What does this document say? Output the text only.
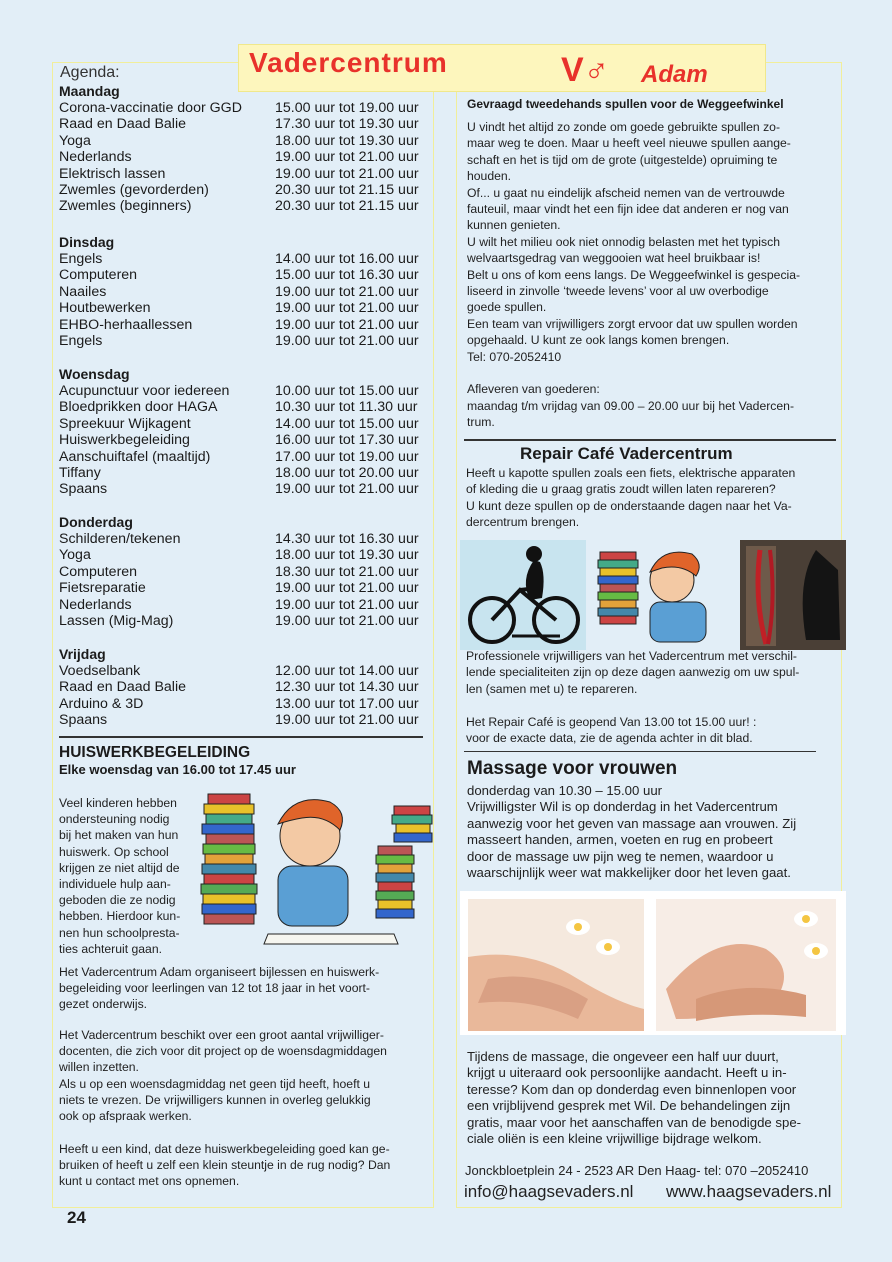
Vadercentrum	V♂ Adam
Agenda:
Maandag
Corona-vaccinatie door GGD 15.00 uur tot 19.00 uur
Raad en Daad Balie	17.30 uur tot 19.30 uur
Yoga	18.00 uur tot 19.30 uur
Nederlands	19.00 uur tot 21.00 uur
Elektrisch lassen	19.00 uur tot 21.00 uur
Zwemles (gevorderden)	20.30 uur tot 21.15 uur
Zwemles (beginners)	20.30 uur tot 21.15 uur
Dinsdag
Engels	14.00 uur tot 16.00 uur
Computeren	15.00 uur tot 16.30 uur
Naailes	19.00 uur tot 21.00 uur
Houtbewerken	19.00 uur tot 21.00 uur
EHBO-herhaallessen	19.00 uur tot 21.00 uur
Engels	19.00 uur tot 21.00 uur
Woensdag
Acupunctuur voor iedereen	10.00 uur tot 15.00 uur
Bloedprikken door HAGA	10.30 uur tot 11.30 uur
Spreekuur Wijkagent	14.00 uur tot 15.00 uur
Huiswerkbegeleiding	16.00 uur tot 17.30 uur
Aanschuiftafel (maaltijd)	17.00 uur tot 19.00 uur
Tiffany	18.00 uur tot 20.00 uur
Spaans	19.00 uur tot 21.00 uur
Donderdag
Schilderen/tekenen	14.30 uur tot 16.30 uur
Yoga	18.00 uur tot 19.30 uur
Computeren	18.30 uur tot 21.00 uur
Fietsreparatie	19.00 uur tot 21.00 uur
Nederlands	19.00 uur tot 21.00 uur
Lassen (Mig-Mag)	19.00 uur tot 21.00 uur
Vrijdag
Voedselbank	12.00 uur tot 14.00 uur
Raad en Daad Balie	12.30 uur tot 14.30 uur
Arduino & 3D	13.00 uur tot 17.00 uur
Spaans	19.00 uur tot 21.00 uur
HUISWERKBEGELEIDING
Elke woensdag van 16.00 tot 17.45 uur
Veel kinderen hebben
ondersteuning nodig
bij het maken van hun
huiswerk. Op school
krijgen ze niet altijd de
individuele hulp aan-
geboden die ze nodig
hebben. Hierdoor kun-
nen hun schoolpresta-
ties achteruit gaan.
Het Vadercentrum Adam organiseert bijlessen en huiswerk-
begeleiding voor leerlingen van 12 tot 18 jaar in het voort-
gezet onderwijs.
Het Vadercentrum beschikt over een groot aantal vrijwilliger-
docenten, die zich voor dit project op de woensdagmiddagen
willen inzetten.
Als u op een woensdagmiddag net geen tijd heeft, hoeft u
niets te vrezen. De vrijwilligers kunnen in overleg gelukkig
ook op afspraak werken.
Heeft u een kind, dat deze huiswerkbegeleiding goed kan ge-
bruiken of heeft u zelf een klein steuntje in de rug nodig? Dan
kunt u contact met ons opnemen.
Gevraagd tweedehands spullen voor de Weggeefwinkel
U vindt het altijd zo zonde om goede gebruikte spullen zo-
maar weg te doen. Maar u heeft veel nieuwe spullen aange-
schaft en het is tijd om de grote (uitgestelde) opruiming te
houden.
Of... u gaat nu eindelijk afscheid nemen van de vertrouwde
fauteuil, maar vindt het een fijn idee dat anderen er nog van
kunnen genieten.
U wilt het milieu ook niet onnodig belasten met het typisch
welvaartsgedrag van weggooien wat heel bruikbaar is!
Belt u ons of kom eens langs. De Weggeefwinkel is gespecia-
liseerd in zinvolle ‘tweede levens’ voor al uw overbodige
goede spullen.
Een team van vrijwilligers zorgt ervoor dat uw spullen worden
opgehaald. U kunt ze ook langs komen brengen.
Tel: 070-2052410
Afleveren van goederen:
maandag t/m vrijdag van 09.00 – 20.00 uur bij het Vadercen-
trum.
Repair Café Vadercentrum
Heeft u kapotte spullen zoals een fiets, elektrische apparaten
of kleding die u graag gratis zoudt willen laten repareren?
U kunt deze spullen op de onderstaande dagen naar het Va-
dercentrum brengen.
Professionele vrijwilligers van het Vadercentrum met verschil-
lende specialiteiten zijn op deze dagen aanwezig om uw spul-
len (samen met u) te repareren.
Het Repair Café is geopend Van 13.00 tot 15.00 uur! :
voor de exacte data, zie de agenda achter in dit blad.
Massage voor vrouwen
donderdag van 10.30 – 15.00 uur
Vrijwilligster Wil is op donderdag in het Vadercentrum
aanwezig voor het geven van massage aan vrouwen. Zij
masseert handen, armen, voeten en rug en probeert
door de massage uw pijn weg te nemen, waardoor u
waarschijnlijk weer wat makkelijker door het leven gaat.
Tijdens de massage, die ongeveer een half uur duurt,
krijgt u uiteraard ook persoonlijke aandacht. Heeft u in-
teresse? Kom dan op donderdag even binnenlopen voor
een vrijblijvend gesprek met Wil. De behandelingen zijn
gratis, maar voor het aanschaffen van de benodigde spe-
ciale oliën is een kleine vrijwillige bijdrage welkom.
Jonckbloetplein 24 - 2523 AR Den Haag- tel: 070 –2052410
info@haagsevaders.nl www.haagsevaders.nl
24
